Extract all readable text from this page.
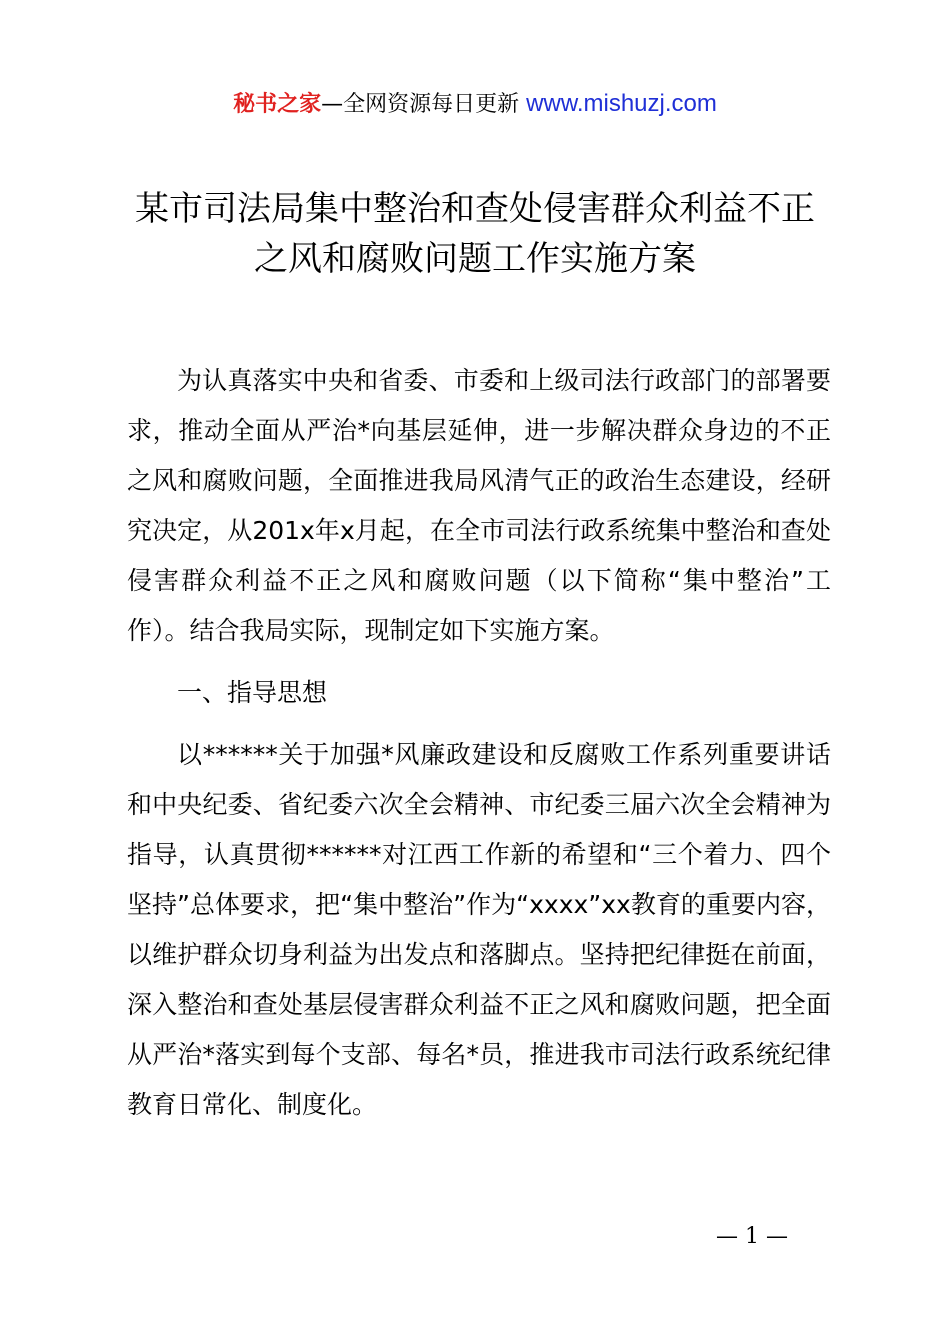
秘书之家—全网资源每日更新 www.mishuzj.com
某市司法局集中整治和查处侵害群众利益不正
之风和腐败问题工作实施方案

为认真落实中央和省委、市委和上级司法行政部门的部署要求，推动全面从严治*向基层延伸，进一步解决群众身边的不正之风和腐败问题，全面推进我局风清气正的政治生态建设，经研究决定，从201x年x月起，在全市司法行政系统集中整治和查处侵害群众利益不正之风和腐败问题（以下简称“集中整治”工作）。结合我局实际，现制定如下实施方案。

一、指导思想

以******关于加强*风廉政建设和反腐败工作系列重要讲话和中央纪委、省纪委六次全会精神、市纪委三届六次全会精神为指导，认真贯彻******对江西工作新的希望和“三个着力、四个坚持”总体要求，把“集中整治”作为“xxxx”xx教育的重要内容，以维护群众切身利益为出发点和落脚点。坚持把纪律挺在前面，深入整治和查处基层侵害群众利益不正之风和腐败问题，把全面从严治*落实到每个支部、每名*员，推进我市司法行政系统纪律教育日常化、制度化。

— 1 —
